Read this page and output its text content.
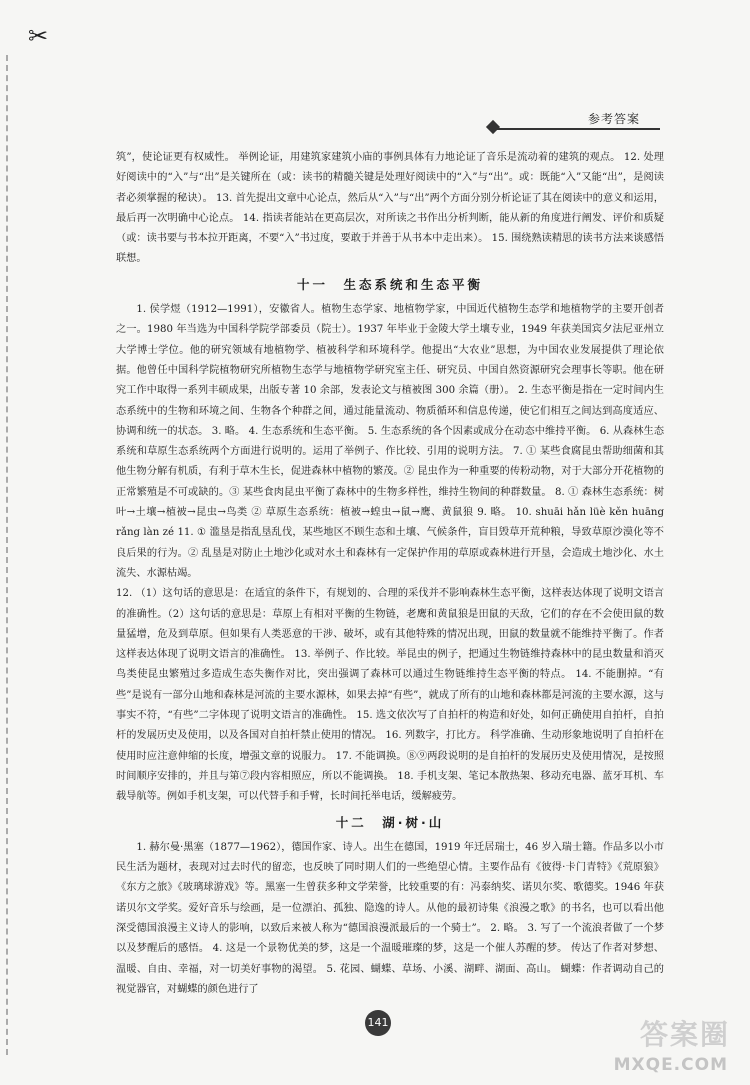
✂
参考答案

筑”，使论证更有权威性。 举例论证，用建筑家建筑小庙的事例具体有力地论证了音乐是流动着的建筑的观点。 12. 处理好阅读中的“入”与“出”是关键所在（或：读书的精髓关键是处理好阅读中的“入”与“出”。或：既能“入”又能“出”，是阅读者必须掌握的秘诀）。 13. 首先提出文章中心论点，然后从“入”与“出”两个方面分别分析论证了其在阅读中的意义和运用，最后再一次明确中心论点。 14. 指读者能站在更高层次，对所读之书作出分析判断，能从新的角度进行阐发、评价和质疑（或：读书要与书本拉开距离，不要“入”书过度，要敢于并善于从书本中走出来）。 15. 围绕熟读精思的读书方法来谈感悟联想。

十一　生态系统和生态平衡

1. 侯学煜（1912—1991），安徽省人。植物生态学家、地植物学家，中国近代植物生态学和地植物学的主要开创者之一。1980 年当选为中国科学院学部委员（院士）。1937 年毕业于金陵大学土壤专业，1949 年获美国宾夕法尼亚州立大学博士学位。他的研究领域有地植物学、植被科学和环境科学。他提出“大农业”思想，为中国农业发展提供了理论依据。他曾任中国科学院植物研究所植物生态学与地植物学研究室主任、研究员、中国自然资源研究会理事长等职。他在研究工作中取得一系列丰硕成果，出版专著 10 余部，发表论文与植被图 300 余篇（册）。 2. 生态平衡是指在一定时间内生态系统中的生物和环境之间、生物各个种群之间，通过能量流动、物质循环和信息传递，使它们相互之间达到高度适应、协调和统一的状态。 3. 略。 4. 生态系统和生态平衡。 5. 生态系统的各个因素或成分在动态中维持平衡。 6. 从森林生态系统和草原生态系统两个方面进行说明的。运用了举例子、作比较、引用的说明方法。 7. ① 某些食腐昆虫帮助细菌和其他生物分解有机质，有利于草木生长，促进森林中植物的繁茂。② 昆虫作为一种重要的传粉动物，对于大部分开花植物的正常繁殖是不可或缺的。③ 某些食肉昆虫平衡了森林中的生物多样性，维持生物间的种群数量。 8. ① 森林生态系统：树叶→土壤→植被→昆虫→鸟类 ② 草原生态系统：植被→蝗虫→鼠→鹰、黄鼠狼 9. 略。 10. shuāi hǎn lüè kěn huāng rǎng làn zé 11. ① 滥垦是指乱垦乱伐，某些地区不顾生态和土壤、气候条件，盲目毁草开荒种粮，导致草原沙漠化等不良后果的行为。② 乱垦是对防止土地沙化或对水土和森林有一定保护作用的草原或森林进行开垦，会造成土地沙化、水土流失、水源枯竭。

12. （1）这句话的意思是：在适宜的条件下，有规划的、合理的采伐并不影响森林生态平衡，这样表达体现了说明文语言的准确性。（2）这句话的意思是：草原上有相对平衡的生物链，老鹰和黄鼠狼是田鼠的天敌，它们的存在不会使田鼠的数量猛增，危及到草原。但如果有人类恶意的干涉、破坏，或有其他特殊的情况出现，田鼠的数量就不能维持平衡了。作者这样表达体现了说明文语言的准确性。 13. 举例子、作比较。举昆虫的例子，把通过生物链维持森林中的昆虫数量和消灭鸟类使昆虫繁殖过多造成生态失衡作对比，突出强调了森林可以通过生物链维持生态平衡的特点。 14. 不能删掉。“有些”是说有一部分山地和森林是河流的主要水源林，如果去掉“有些”，就成了所有的山地和森林都是河流的主要水源，这与事实不符，“有些”二字体现了说明文语言的准确性。 15. 选文依次写了自拍杆的构造和好处，如何正确使用自拍杆，自拍杆的发展历史及使用，以及各国对自拍杆禁止使用的情况。 16. 列数字，打比方。 科学准确、生动形象地说明了自拍杆在使用时应注意伸缩的长度，增强文章的说服力。 17. 不能调换。⑧⑨两段说明的是自拍杆的发展历史及使用情况，是按照时间顺序安排的，并且与第⑦段内容相照应，所以不能调换。 18. 手机支架、笔记本散热架、移动充电器、蓝牙耳机、车载导航等。例如手机支架，可以代替手和手臂，长时间托举电话，缓解疲劳。

十二　湖·树·山

1. 赫尔曼·黑塞（1877—1962），德国作家、诗人。出生在德国，1919 年迁居瑞士，46 岁入瑞士籍。作品多以小市民生活为题材，表现对过去时代的留恋，也反映了同时期人们的一些绝望心情。主要作品有《彼得·卡门青特》《荒原狼》《东方之旅》《玻璃球游戏》等。黑塞一生曾获多种文学荣誉，比较重要的有：冯泰纳奖、诺贝尔奖、歌德奖。1946 年获诺贝尔文学奖。爱好音乐与绘画，是一位漂泊、孤独、隐逸的诗人。从他的最初诗集《浪漫之歌》的书名，也可以看出他深受德国浪漫主义诗人的影响，以致后来被人称为“德国浪漫派最后的一个骑士”。 2. 略。 3. 写了一个流浪者做了一个梦以及梦醒后的感悟。 4. 这是一个景物优美的梦，这是一个温暖璀璨的梦，这是一个催人苏醒的梦。 传达了作者对梦想、温暖、自由、幸福，对一切美好事物的渴望。 5. 花园、蝴蝶、草场、小溪、湖畔、湖面、高山。 蝴蝶：作者调动自己的视觉器官，对蝴蝶的颜色进行了

141	答案圈
MXQE.COM
